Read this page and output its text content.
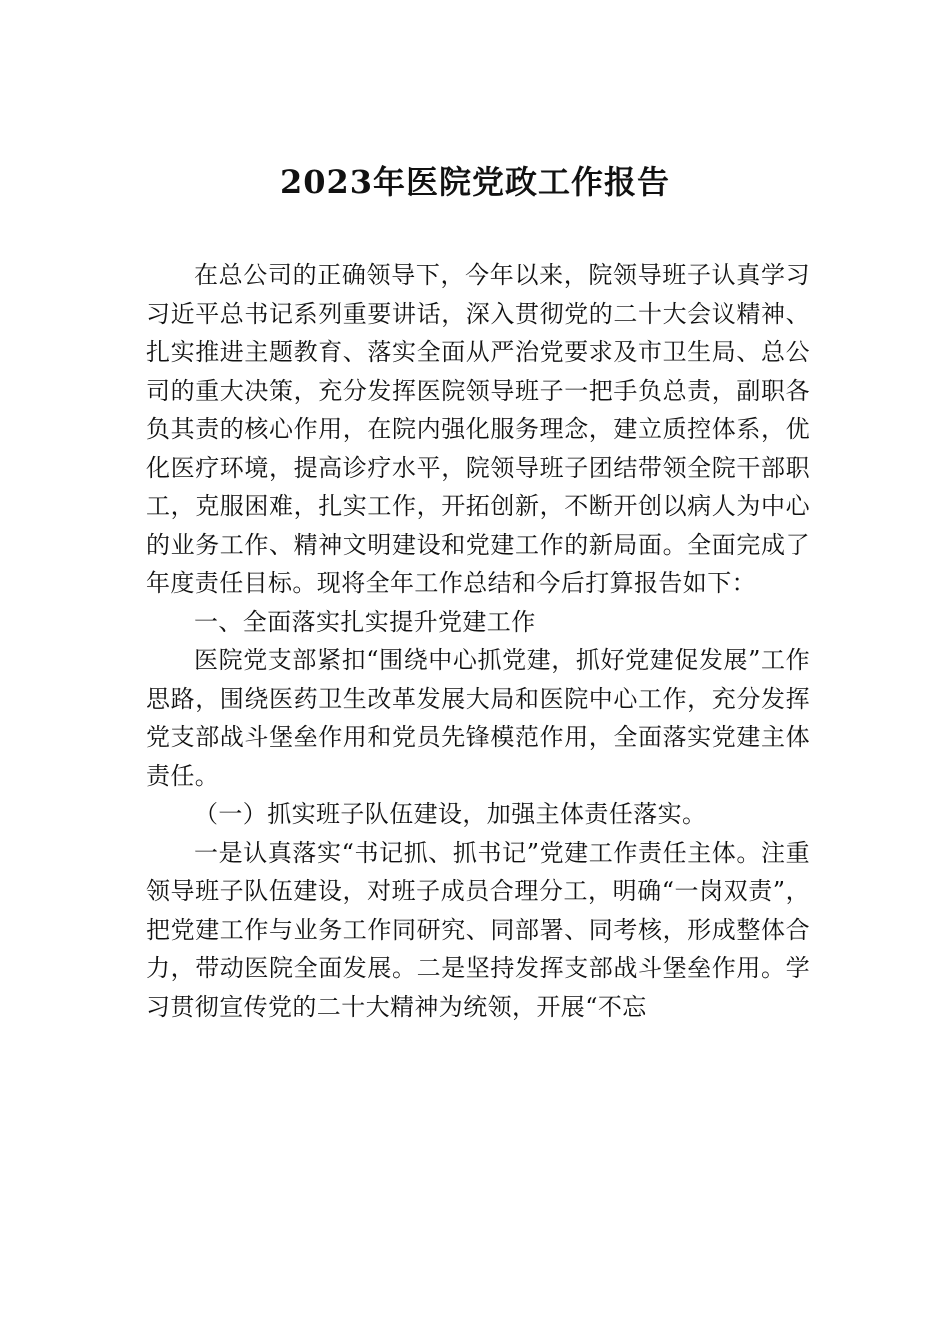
2023年医院党政工作报告

在总公司的正确领导下，今年以来，院领导班子认真学习习近平总书记系列重要讲话，深入贯彻党的二十大会议精神、扎实推进主题教育、落实全面从严治党要求及市卫生局、总公司的重大决策，充分发挥医院领导班子一把手负总责，副职各负其责的核心作用，在院内强化服务理念，建立质控体系，优化医疗环境，提高诊疗水平，院领导班子团结带领全院干部职工，克服困难，扎实工作，开拓创新，不断开创以病人为中心的业务工作、精神文明建设和党建工作的新局面。全面完成了年度责任目标。现将全年工作总结和今后打算报告如下：

一、全面落实扎实提升党建工作

医院党支部紧扣“围绕中心抓党建，抓好党建促发展”工作思路，围绕医药卫生改革发展大局和医院中心工作，充分发挥党支部战斗堡垒作用和党员先锋模范作用，全面落实党建主体责任。

（一）抓实班子队伍建设，加强主体责任落实。

一是认真落实“书记抓、抓书记”党建工作责任主体。注重领导班子队伍建设，对班子成员合理分工，明确“一岗双责”，把党建工作与业务工作同研究、同部署、同考核，形成整体合力，带动医院全面发展。二是坚持发挥支部战斗堡垒作用。学习贯彻宣传党的二十大精神为统领，开展“不忘
